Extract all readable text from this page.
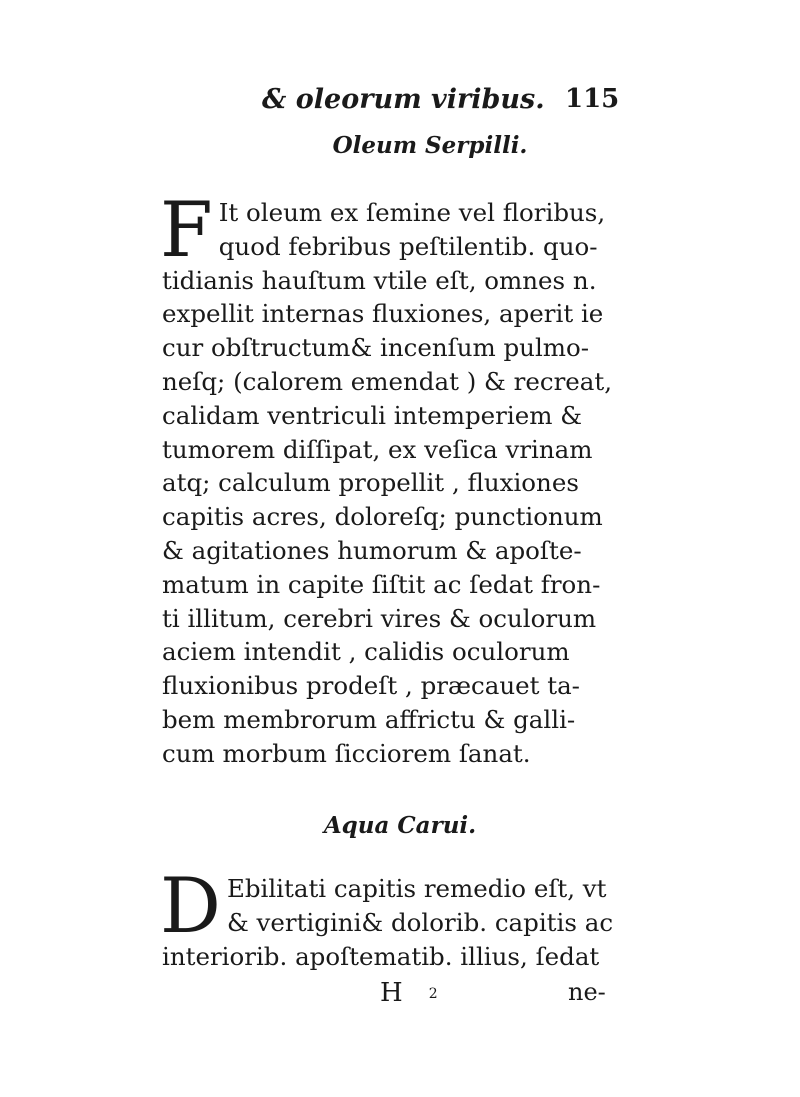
& oleorum viribus. 115
Oleum Serpilli.
F It oleum ex ſemine vel floribus,
quod febribus peſtilentib. quo-
tidianis hauſtum vtile eſt, omnes n.
expellit internas fluxiones, aperit ie
cur obſtructum& incenſum pulmo-
neſq; (calorem emendat ) & recreat,
calidam ventriculi intemperiem &
tumorem diſſipat, ex veſica vrinam
atq; calculum propellit , fluxiones
capitis acres, doloreſq; punctionum
& agitationes humorum & apoſte-
matum in capite ſiſtit ac ſedat fron-
ti illitum, cerebri vires & oculorum
aciem intendit , calidis oculorum
fluxionibus prodeſt , præcauet ta-
bem membrorum affrictu & galli-
cum morbum ſicciorem ſanat.
Aqua Carui.
D Ebilitati capitis remedio eſt, vt
& vertigini& dolorib. capitis ac
interiorib. apoſtematib. illius, ſedat
H 2	ne-
